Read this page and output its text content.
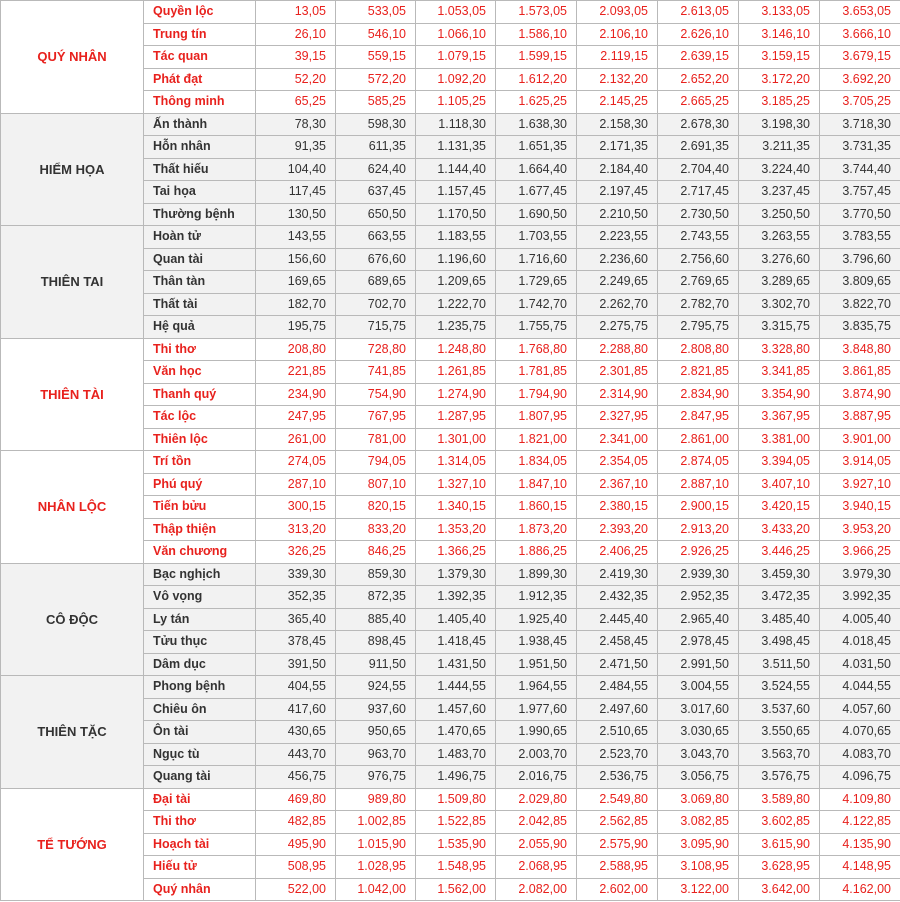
QUÝ NHÂN	Quyền lộc	13,05	533,05	1.053,05	1.573,05	2.093,05	2.613,05	3.133,05	3.653,05
	Trung tín	26,10	546,10	1.066,10	1.586,10	2.106,10	2.626,10	3.146,10	3.666,10
	Tác quan	39,15	559,15	1.079,15	1.599,15	2.119,15	2.639,15	3.159,15	3.679,15
	Phát đạt	52,20	572,20	1.092,20	1.612,20	2.132,20	2.652,20	3.172,20	3.692,20
	Thông minh	65,25	585,25	1.105,25	1.625,25	2.145,25	2.665,25	3.185,25	3.705,25
HIỂM HỌA	Ấn thành	78,30	598,30	1.118,30	1.638,30	2.158,30	2.678,30	3.198,30	3.718,30
	Hỗn nhân	91,35	611,35	1.131,35	1.651,35	2.171,35	2.691,35	3.211,35	3.731,35
	Thất hiếu	104,40	624,40	1.144,40	1.664,40	2.184,40	2.704,40	3.224,40	3.744,40
	Tai họa	117,45	637,45	1.157,45	1.677,45	2.197,45	2.717,45	3.237,45	3.757,45
	Thường bệnh	130,50	650,50	1.170,50	1.690,50	2.210,50	2.730,50	3.250,50	3.770,50
THIÊN TAI	Hoàn tử	143,55	663,55	1.183,55	1.703,55	2.223,55	2.743,55	3.263,55	3.783,55
	Quan tài	156,60	676,60	1.196,60	1.716,60	2.236,60	2.756,60	3.276,60	3.796,60
	Thân tàn	169,65	689,65	1.209,65	1.729,65	2.249,65	2.769,65	3.289,65	3.809,65
	Thất tài	182,70	702,70	1.222,70	1.742,70	2.262,70	2.782,70	3.302,70	3.822,70
	Hệ quả	195,75	715,75	1.235,75	1.755,75	2.275,75	2.795,75	3.315,75	3.835,75
THIÊN TÀI	Thi thơ	208,80	728,80	1.248,80	1.768,80	2.288,80	2.808,80	3.328,80	3.848,80
	Văn học	221,85	741,85	1.261,85	1.781,85	2.301,85	2.821,85	3.341,85	3.861,85
	Thanh quý	234,90	754,90	1.274,90	1.794,90	2.314,90	2.834,90	3.354,90	3.874,90
	Tác lộc	247,95	767,95	1.287,95	1.807,95	2.327,95	2.847,95	3.367,95	3.887,95
	Thiên lộc	261,00	781,00	1.301,00	1.821,00	2.341,00	2.861,00	3.381,00	3.901,00
NHÂN LỘC	Trí tồn	274,05	794,05	1.314,05	1.834,05	2.354,05	2.874,05	3.394,05	3.914,05
	Phú quý	287,10	807,10	1.327,10	1.847,10	2.367,10	2.887,10	3.407,10	3.927,10
	Tiến bửu	300,15	820,15	1.340,15	1.860,15	2.380,15	2.900,15	3.420,15	3.940,15
	Thập thiện	313,20	833,20	1.353,20	1.873,20	2.393,20	2.913,20	3.433,20	3.953,20
	Văn chương	326,25	846,25	1.366,25	1.886,25	2.406,25	2.926,25	3.446,25	3.966,25
CÔ ĐỘC	Bạc nghịch	339,30	859,30	1.379,30	1.899,30	2.419,30	2.939,30	3.459,30	3.979,30
	Vô vọng	352,35	872,35	1.392,35	1.912,35	2.432,35	2.952,35	3.472,35	3.992,35
	Ly tán	365,40	885,40	1.405,40	1.925,40	2.445,40	2.965,40	3.485,40	4.005,40
	Tửu thục	378,45	898,45	1.418,45	1.938,45	2.458,45	2.978,45	3.498,45	4.018,45
	Dâm dục	391,50	911,50	1.431,50	1.951,50	2.471,50	2.991,50	3.511,50	4.031,50
THIÊN TẶC	Phong bệnh	404,55	924,55	1.444,55	1.964,55	2.484,55	3.004,55	3.524,55	4.044,55
	Chiêu ôn	417,60	937,60	1.457,60	1.977,60	2.497,60	3.017,60	3.537,60	4.057,60
	Ôn tài	430,65	950,65	1.470,65	1.990,65	2.510,65	3.030,65	3.550,65	4.070,65
	Ngục tù	443,70	963,70	1.483,70	2.003,70	2.523,70	3.043,70	3.563,70	4.083,70
	Quang tài	456,75	976,75	1.496,75	2.016,75	2.536,75	3.056,75	3.576,75	4.096,75
TỂ TƯỚNG	Đại tài	469,80	989,80	1.509,80	2.029,80	2.549,80	3.069,80	3.589,80	4.109,80
	Thi thơ	482,85	1.002,85	1.522,85	2.042,85	2.562,85	3.082,85	3.602,85	4.122,85
	Hoạch tài	495,90	1.015,90	1.535,90	2.055,90	2.575,90	3.095,90	3.615,90	4.135,90
	Hiếu tử	508,95	1.028,95	1.548,95	2.068,95	2.588,95	3.108,95	3.628,95	4.148,95
	Quý nhân	522,00	1.042,00	1.562,00	2.082,00	2.602,00	3.122,00	3.642,00	4.162,00
